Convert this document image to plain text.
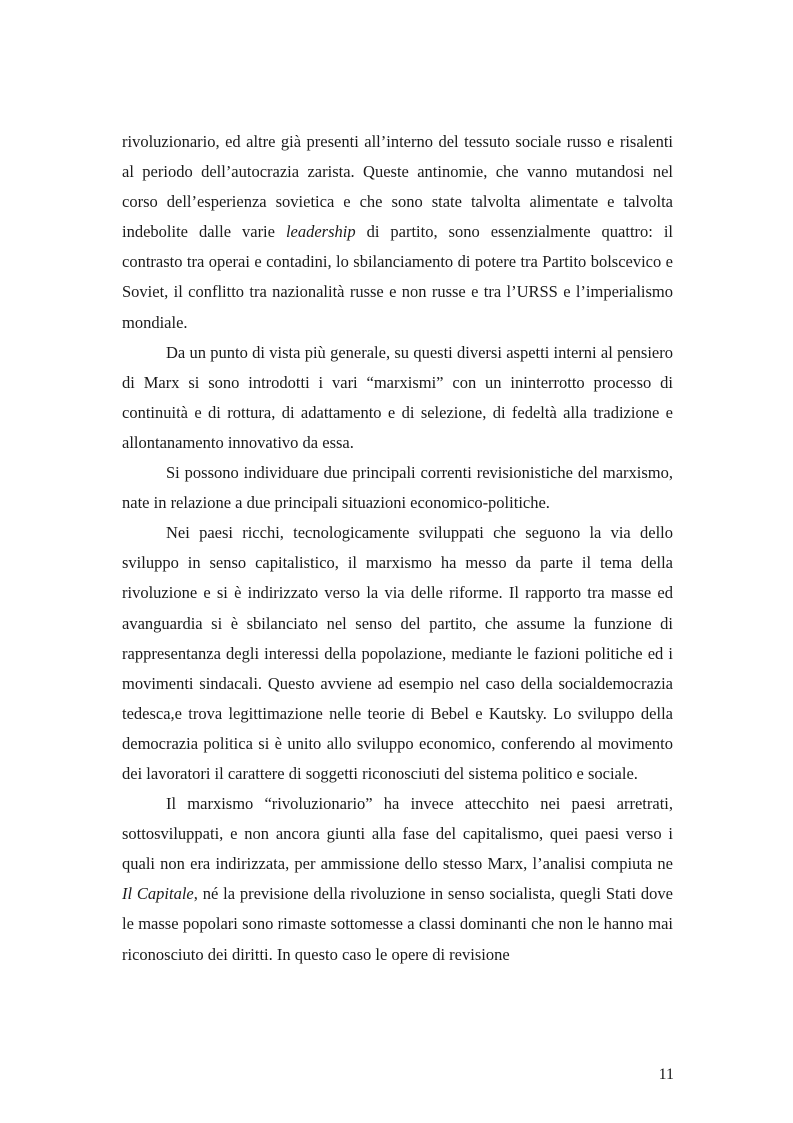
rivoluzionario, ed altre già presenti all’interno del tessuto sociale russo e risalenti al periodo dell’autocrazia zarista. Queste antinomie, che vanno mutandosi nel corso dell’esperienza sovietica e che sono state talvolta alimentate e talvolta indebolite dalle varie leadership di partito, sono essenzialmente quattro: il contrasto tra operai e contadini, lo sbilanciamento di potere tra Partito bolscevico e Soviet, il conflitto tra nazionalità russe e non russe e tra l’URSS e l’imperialismo mondiale.

Da un punto di vista più generale, su questi diversi aspetti interni al pensiero di Marx si sono introdotti i vari “marxismi” con un ininterrotto processo di continuità e di rottura, di adattamento e di selezione, di fedeltà alla tradizione e allontanamento innovativo da essa.

Si possono individuare due principali correnti revisionistiche del marxismo, nate in relazione a due principali situazioni economico-politiche.

Nei paesi ricchi, tecnologicamente sviluppati che seguono la via dello sviluppo in senso capitalistico, il marxismo ha messo da parte il tema della rivoluzione e si è indirizzato verso la via delle riforme. Il rapporto tra masse ed avanguardia si è sbilanciato nel senso del partito, che assume la funzione di rappresentanza degli interessi della popolazione, mediante le fazioni politiche ed i movimenti sindacali. Questo avviene ad esempio nel caso della socialdemocrazia tedesca,e trova legittimazione nelle teorie di Bebel e Kautsky. Lo sviluppo della democrazia politica si è unito allo sviluppo economico, conferendo al movimento dei lavoratori il carattere di soggetti riconosciuti del sistema politico e sociale.

Il marxismo “rivoluzionario” ha invece attecchito nei paesi arretrati, sottosviluppati, e non ancora giunti alla fase del capitalismo, quei paesi verso i quali non era indirizzata, per ammissione dello stesso Marx, l’analisi compiuta ne Il Capitale, né la previsione della rivoluzione in senso socialista, quegli Stati dove le masse popolari sono rimaste sottomesse a classi dominanti che non le hanno mai riconosciuto dei diritti. In questo caso le opere di revisione

11
